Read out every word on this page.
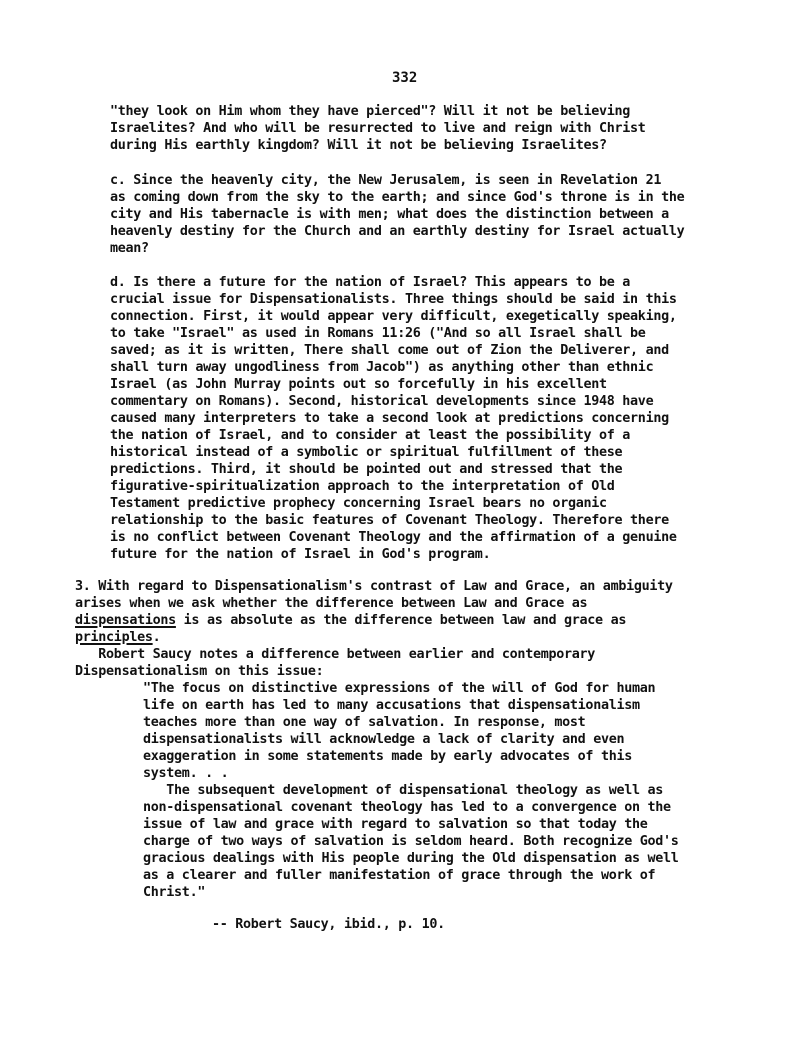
332
"they look on Him whom they have pierced"? Will it not be believing
Israelites? And who will be resurrected to live and reign with Christ
during His earthly kingdom? Will it not be believing Israelites?
c. Since the heavenly city, the New Jerusalem, is seen in Revelation 21
as coming down from the sky to the earth; and since God's throne is in the
city and His tabernacle is with men; what does the distinction between a
heavenly destiny for the Church and an earthly destiny for Israel actually
mean?
d. Is there a future for the nation of Israel? This appears to be a
crucial issue for Dispensationalists. Three things should be said in this
connection. First, it would appear very difficult, exegetically speaking,
to take "Israel" as used in Romans 11:26 ("And so all Israel shall be
saved; as it is written, There shall come out of Zion the Deliverer, and
shall turn away ungodliness from Jacob") as anything other than ethnic
Israel (as John Murray points out so forcefully in his excellent
commentary on Romans). Second, historical developments since 1948 have
caused many interpreters to take a second look at predictions concerning
the nation of Israel, and to consider at least the possibility of a
historical instead of a symbolic or spiritual fulfillment of these
predictions. Third, it should be pointed out and stressed that the
figurative-spiritualization approach to the interpretation of Old
Testament predictive prophecy concerning Israel bears no organic
relationship to the basic features of Covenant Theology. Therefore there
is no conflict between Covenant Theology and the affirmation of a genuine
future for the nation of Israel in God's program.
3. With regard to Dispensationalism's contrast of Law and Grace, an ambiguity
arises when we ask whether the difference between Law and Grace as
dispensations is as absolute as the difference between law and grace as
principles.
Robert Saucy notes a difference between earlier and contemporary
Dispensationalism on this issue:
"The focus on distinctive expressions of the will of God for human
life on earth has led to many accusations that dispensationalism
teaches more than one way of salvation. In response, most
dispensationalists will acknowledge a lack of clarity and even
exaggeration in some statements made by early advocates of this
system. . .
The subsequent development of dispensational theology as well as
non-dispensational covenant theology has led to a convergence on the
issue of law and grace with regard to salvation so that today the
charge of two ways of salvation is seldom heard. Both recognize God's
gracious dealings with His people during the Old dispensation as well
as a clearer and fuller manifestation of grace through the work of
Christ."
-- Robert Saucy, ibid., p. 10.
